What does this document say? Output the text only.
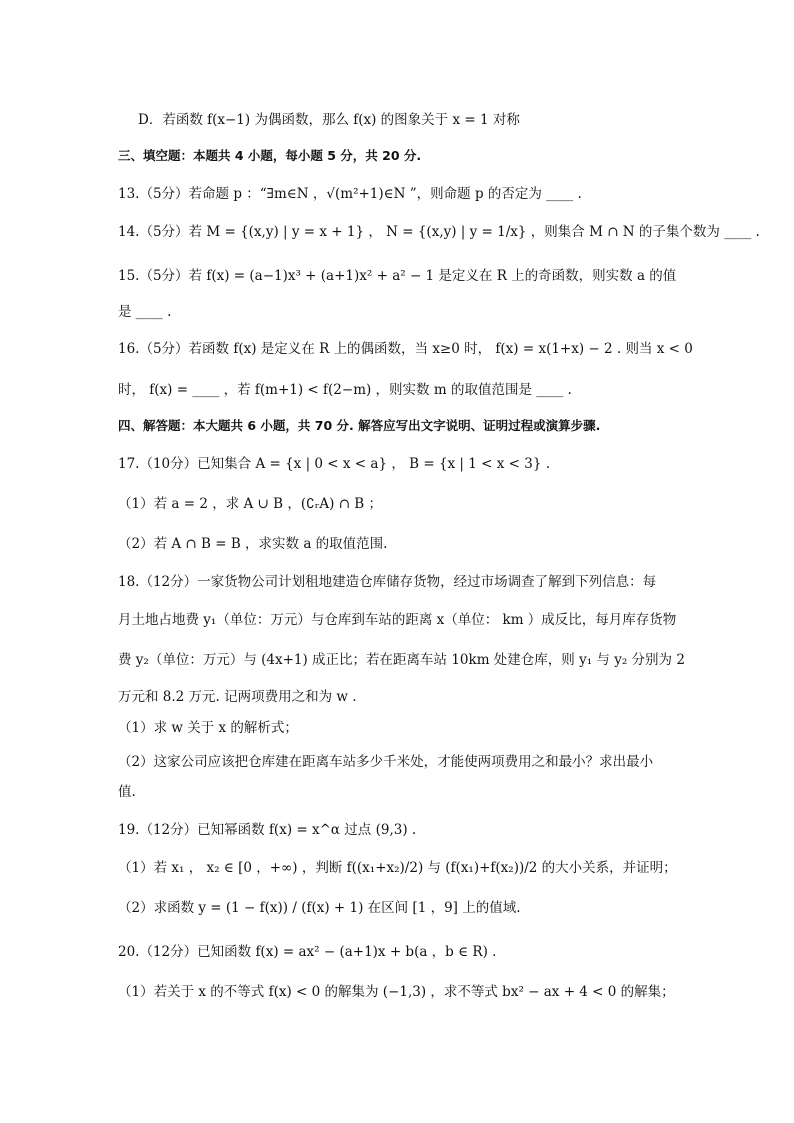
D．若函数 f(x−1) 为偶函数，那么 f(x) 的图象关于 x = 1 对称
三、填空题：本题共 4 小题，每小题 5 分，共 20 分.
13.（5分）若命题 p ：“∃m∈N ，√(m²+1)∈N ”，则命题 p 的否定为 ____ .
14.（5分）若 M = {(x,y) | y = x + 1} ， N = {(x,y) | y = 1/x} ，则集合 M ∩ N 的子集个数为 ____ .
15.（5分）若 f(x) = (a−1)x³ + (a+1)x² + a² − 1 是定义在 R 上的奇函数，则实数 a 的值
是 ____ .
16.（5分）若函数 f(x) 是定义在 R 上的偶函数，当 x≥0 时， f(x) = x(1+x) − 2 . 则当 x < 0
时， f(x) = ____ ，若 f(m+1) < f(2−m) ，则实数 m 的取值范围是 ____ .
四、解答题：本大题共 6 小题，共 70 分. 解答应写出文字说明、证明过程或演算步骤.
17.（10分）已知集合 A = {x | 0 < x < a} ， B = {x | 1 < x < 3} .
（1）若 a = 2 ，求 A ∪ B ，(∁ᵣA) ∩ B ；
（2）若 A ∩ B = B ，求实数 a 的取值范围.
18.（12分）一家货物公司计划租地建造仓库储存货物，经过市场调查了解到下列信息：每
月土地占地费 y₁（单位：万元）与仓库到车站的距离 x（单位： km ）成反比，每月库存货物
费 y₂（单位：万元）与 (4x+1) 成正比；若在距离车站 10km 处建仓库，则 y₁ 与 y₂ 分别为 2
万元和 8.2 万元. 记两项费用之和为 w .
（1）求 w 关于 x 的解析式；
（2）这家公司应该把仓库建在距离车站多少千米处，才能使两项费用之和最小？求出最小
值.
19.（12分）已知幂函数 f(x) = x^α 过点 (9,3) .
（1）若 x₁ ， x₂ ∈ [0 ，+∞) ，判断 f((x₁+x₂)/2) 与 (f(x₁)+f(x₂))/2 的大小关系，并证明；
（2）求函数 y = (1 − f(x)) / (f(x) + 1) 在区间 [1 ，9] 上的值域.
20.（12分）已知函数 f(x) = ax² − (a+1)x + b(a ，b ∈ R) .
（1）若关于 x 的不等式 f(x) < 0 的解集为 (−1,3) ，求不等式 bx² − ax + 4 < 0 的解集；
